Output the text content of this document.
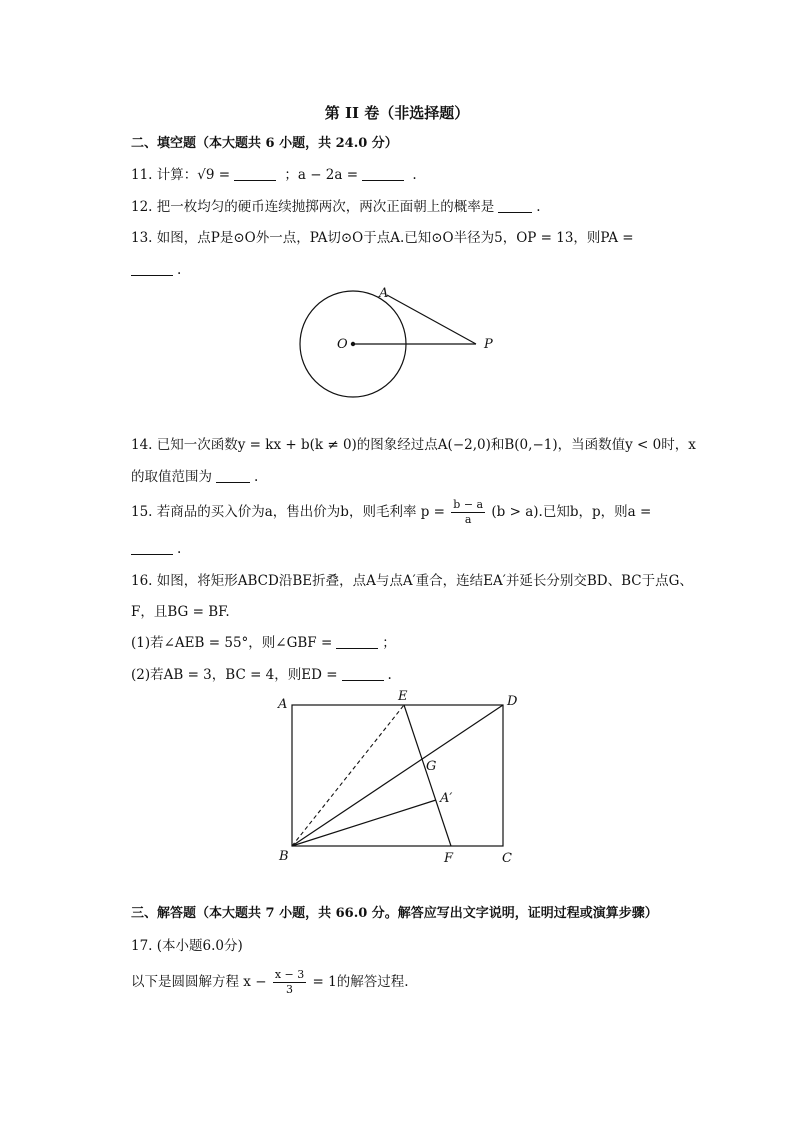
第 II 卷（非选择题）
二、填空题（本大题共 6 小题，共 24.0 分）
11. 计算：√9 =	；a − 2a =	.
12. 把一枚均匀的硬币连续抛掷两次，两次正面朝上的概率是	.
13. 如图，点P是⊙O外一点，PA切⊙O于点A.已知⊙O半径为5，OP = 13，则PA =
.
A
O	P
14. 已知一次函数y = kx + b(k ≠ 0)的图象经过点A(−2,0)和B(0,−1)，当函数值y < 0时，x
的取值范围为	.
15. 若商品的买入价为a，售出价为b，则毛利率 $p = \frac{b - a}{a} (b > a)$.已知b，p，则a =
.
16. 如图，将矩形ABCD沿BE折叠，点A与点A′重合，连结EA′并延长分别交BD、BC于点G、
F，且BG = BF.
(1)若∠AEB = 55°，则∠GBF =	；
(2)若AB = 3，BC = 4，则ED =	.
A
E	D
G
A′
B	F	C
三、解答题（本大题共 7 小题，共 66.0 分。解答应写出文字说明，证明过程或演算步骤）
17. (本小题6.0分)
以下是圆圆解方程 $x - \frac{x - 3}{3} = 1$的解答过程.
